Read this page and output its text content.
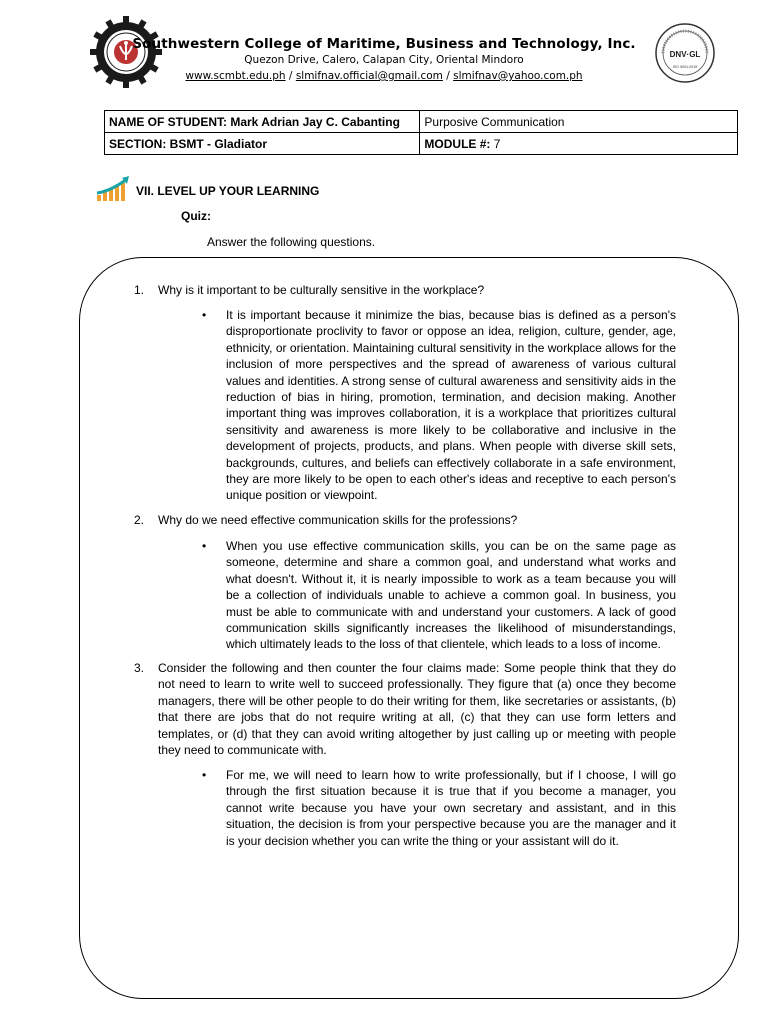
DNV·GL
ISO 9001:2015
Southwestern College of Maritime, Business and Technology, Inc.
Quezon Drive, Calero, Calapan City, Oriental Mindoro
www.scmbt.edu.ph / slmifnav.official@gmail.com / slmifnav@yahoo.com.ph
NAME OF STUDENT: Mark Adrian Jay C. Cabanting	Purposive Communication
SECTION: BSMT - Gladiator	MODULE #: 7
VII. LEVEL UP YOUR LEARNING
Quiz:
Answer the following questions.
1. Why is it important to be culturally sensitive in the workplace?
• It is important because it minimize the bias, because bias is defined as a person's disproportionate proclivity to favor or oppose an idea, religion, culture, gender, age, ethnicity, or orientation. Maintaining cultural sensitivity in the workplace allows for the inclusion of more perspectives and the spread of awareness of various cultural values and identities. A strong sense of cultural awareness and sensitivity aids in the reduction of bias in hiring, promotion, termination, and decision making. Another important thing was improves collaboration, it is a workplace that prioritizes cultural sensitivity and awareness is more likely to be collaborative and inclusive in the development of projects, products, and plans. When people with diverse skill sets, backgrounds, cultures, and beliefs can effectively collaborate in a safe environment, they are more likely to be open to each other's ideas and receptive to each person's unique position or viewpoint.
2. Why do we need effective communication skills for the professions?
• When you use effective communication skills, you can be on the same page as someone, determine and share a common goal, and understand what works and what doesn't. Without it, it is nearly impossible to work as a team because you will be a collection of individuals unable to achieve a common goal. In business, you must be able to communicate with and understand your customers. A lack of good communication skills significantly increases the likelihood of misunderstandings, which ultimately leads to the loss of that clientele, which leads to a loss of income.
3. Consider the following and then counter the four claims made: Some people think that they do not need to learn to write well to succeed professionally. They figure that (a) once they become managers, there will be other people to do their writing for them, like secretaries or assistants, (b) that there are jobs that do not require writing at all, (c) that they can use form letters and templates, or (d) that they can avoid writing altogether by just calling up or meeting with people they need to communicate with.
• For me, we will need to learn how to write professionally, but if I choose, I will go through the first situation because it is true that if you become a manager, you cannot write because you have your own secretary and assistant, and in this situation, the decision is from your perspective because you are the manager and it is your decision whether you can write the thing or your assistant will do it.
